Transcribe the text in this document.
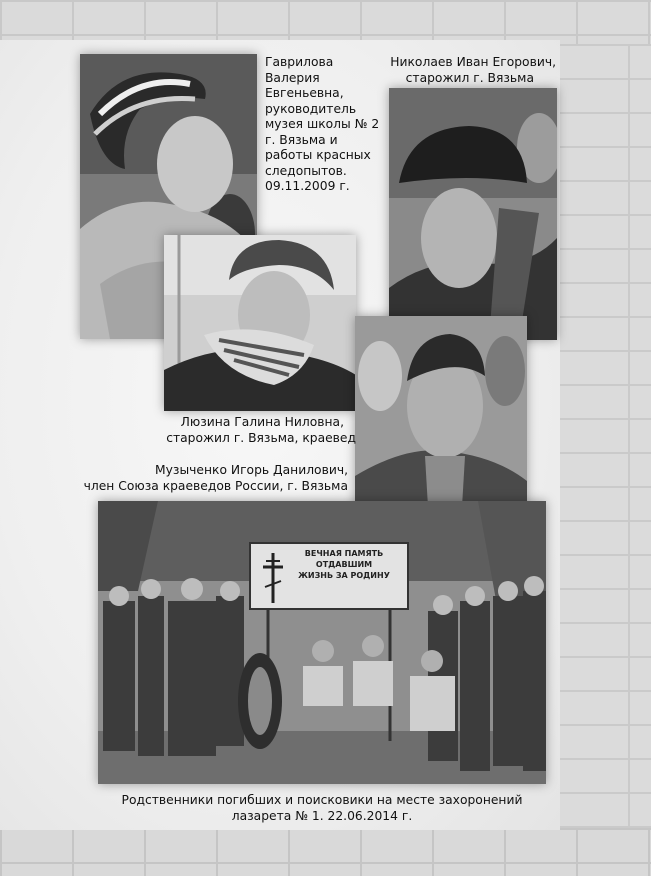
Гаврилова
Валерия
Евгеньевна,
руководитель
музея школы № 2
г. Вязьма и
работы красных
следопытов.
09.11.2009 г.
Николаев Иван Егорович,
старожил г. Вязьма
Люзина Галина Ниловна,
старожил г. Вязьма, краевед
Музыченко Игорь Данилович,
член Союза краеведов России, г. Вязьма
ВЕЧНАЯ ПАМЯТЬ
ОТДАВШИМ
ЖИЗНЬ ЗА РОДИНУ
Родственники погибших и поисковики на месте захоронений
лазарета № 1. 22.06.2014 г.
